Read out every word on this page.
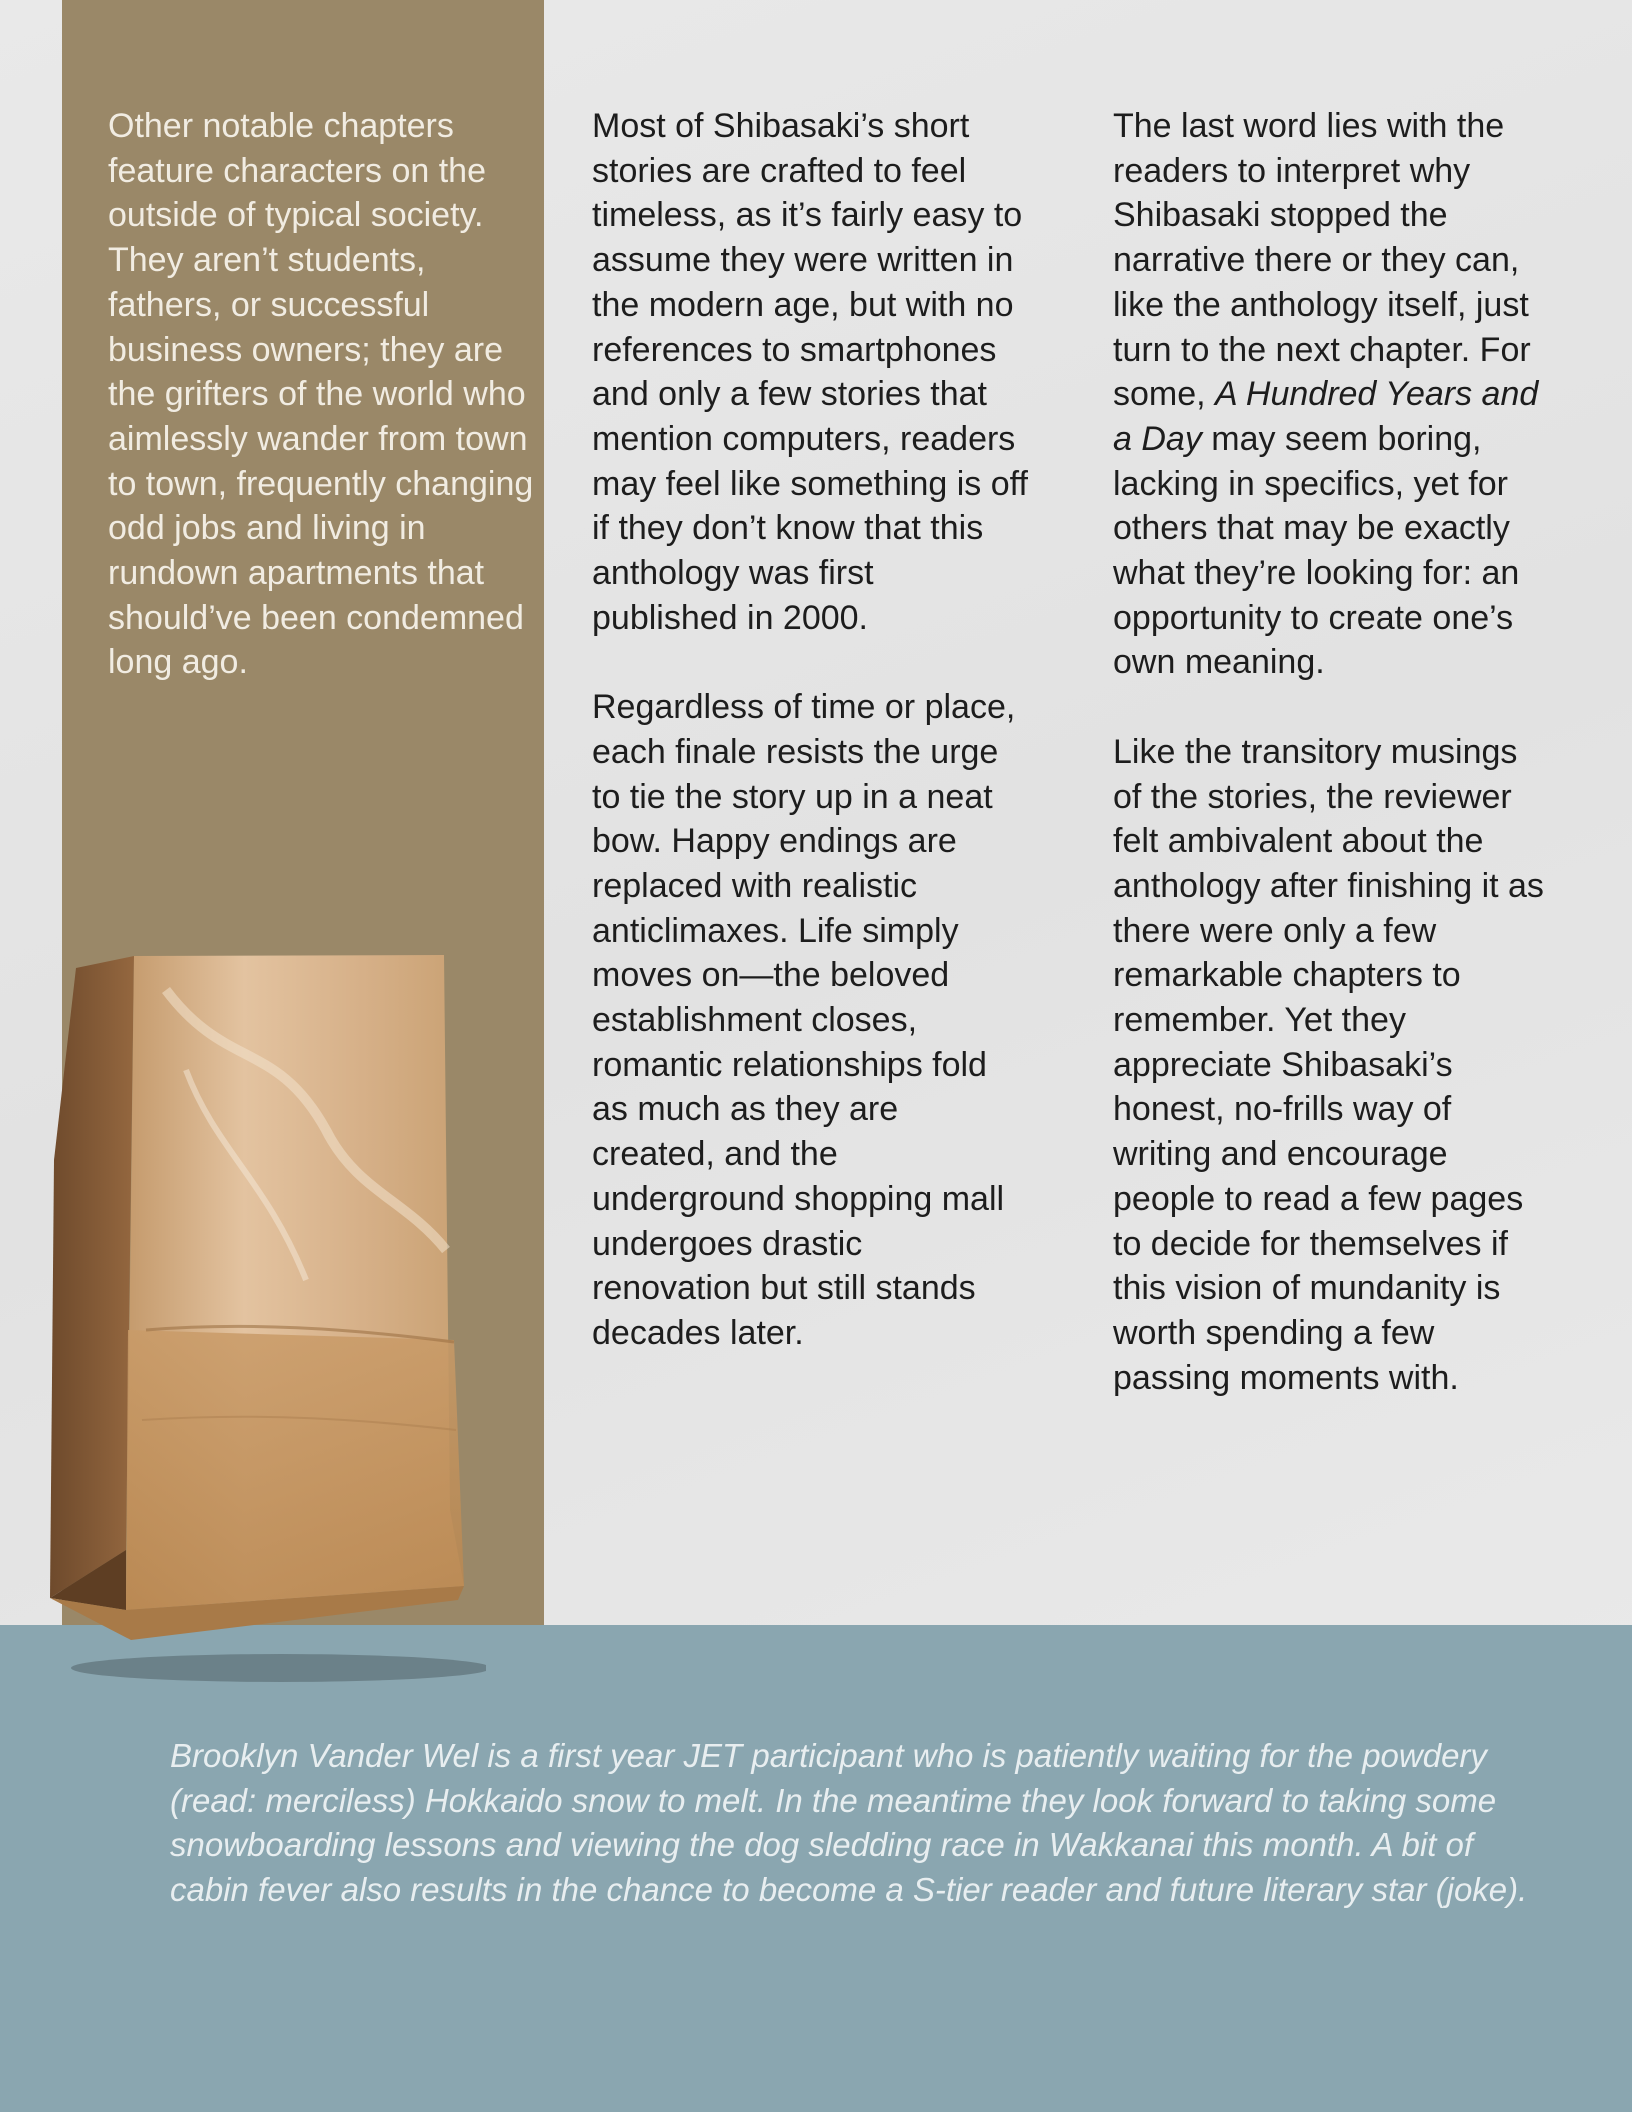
Other notable chapters feature characters on the outside of typical society. They aren’t students, fathers, or successful business owners; they are the grifters of the world who aimlessly wander from town to town, frequently changing odd jobs and living in rundown apartments that should’ve been condemned long ago.

Most of Shibasaki’s short stories are crafted to feel timeless, as it’s fairly easy to assume they were written in the modern age, but with no references to smartphones and only a few stories that mention computers, readers may feel like something is off if they don’t know that this anthology was first published in 2000.

Regardless of time or place, each finale resists the urge to tie the story up in a neat bow. Happy endings are replaced with realistic anticlimaxes. Life simply moves on—the beloved establishment closes, romantic relationships fold as much as they are created, and the underground shopping mall undergoes drastic renovation but still stands decades later.

The last word lies with the readers to interpret why Shibasaki stopped the narrative there or they can, like the anthology itself, just turn to the next chapter. For some, A Hundred Years and a Day may seem boring, lacking in specifics, yet for others that may be exactly what they’re looking for: an opportunity to create one’s own meaning.

Like the transitory musings of the stories, the reviewer felt ambivalent about the anthology after finishing it as there were only a few remarkable chapters to remember. Yet they appreciate Shibasaki’s honest, no-frills way of writing and encourage people to read a few pages to decide for themselves if this vision of mundanity is worth spending a few passing moments with.

Brooklyn Vander Wel is a first year JET participant who is patiently waiting for the powdery (read: merciless) Hokkaido snow to melt. In the meantime they look forward to taking some snowboarding lessons and viewing the dog sledding race in Wakkanai this month. A bit of cabin fever also results in the chance to become a S-tier reader and future literary star (joke).
